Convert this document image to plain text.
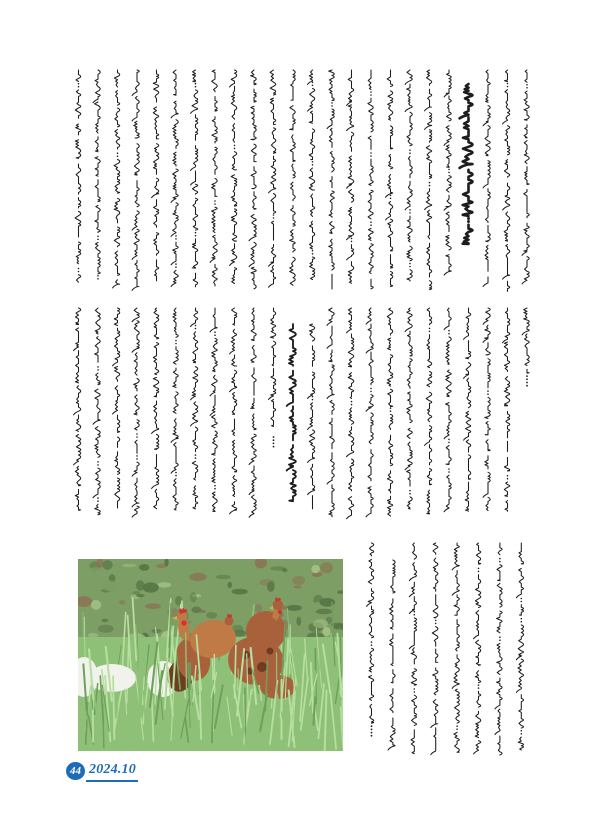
44 2024.10
